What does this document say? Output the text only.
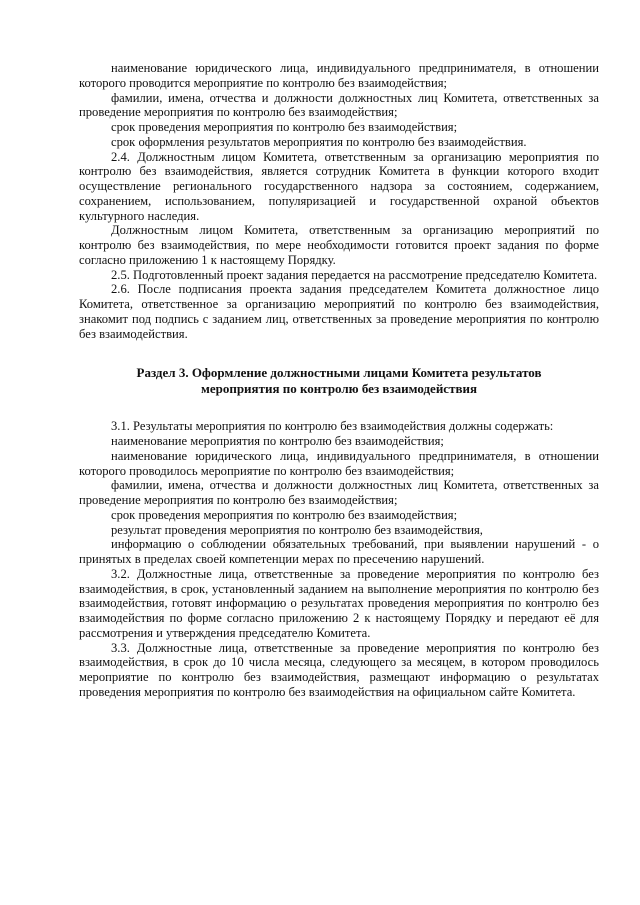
наименование юридического лица, индивидуального предпринимателя, в отношении которого проводится мероприятие по контролю без взаимодействия;

фамилии, имена, отчества и должности должностных лиц Комитета, ответственных за проведение мероприятия по контролю без взаимодействия;

срок проведения мероприятия по контролю без взаимодействия;

срок оформления результатов мероприятия по контролю без взаимодействия.

2.4. Должностным лицом Комитета, ответственным за организацию мероприятия по контролю без взаимодействия, является сотрудник Комитета в функции которого входит осуществление регионального государственного надзора за состоянием, содержанием, сохранением, использованием, популяризацией и государственной охраной объектов культурного наследия.

Должностным лицом Комитета, ответственным за организацию мероприятий по контролю без взаимодействия, по мере необходимости готовится проект задания по форме согласно приложению 1 к настоящему Порядку.

2.5. Подготовленный проект задания передается на рассмотрение председателю Комитета.

2.6. После подписания проекта задания председателем Комитета должностное лицо Комитета, ответственное за организацию мероприятий по контролю без взаимодействия, знакомит под подпись с заданием лиц, ответственных за проведение мероприятия по контролю без взаимодействия.

Раздел 3. Оформление должностными лицами Комитета результатов мероприятия по контролю без взаимодействия

3.1. Результаты мероприятия по контролю без взаимодействия должны содержать:

наименование мероприятия по контролю без взаимодействия;

наименование юридического лица, индивидуального предпринимателя, в отношении которого проводилось мероприятие по контролю без взаимодействия;

фамилии, имена, отчества и должности должностных лиц Комитета, ответственных за проведение мероприятия по контролю без взаимодействия;

срок проведения мероприятия по контролю без взаимодействия;

результат проведения мероприятия по контролю без взаимодействия,

информацию о соблюдении обязательных требований, при выявлении нарушений - о принятых в пределах своей компетенции мерах по пресечению нарушений.

3.2. Должностные лица, ответственные за проведение мероприятия по контролю без взаимодействия, в срок, установленный заданием на выполнение мероприятия по контролю без взаимодействия, готовят информацию о результатах проведения мероприятия по контролю без взаимодействия по форме согласно приложению 2 к настоящему Порядку и передают её для рассмотрения и утверждения председателю Комитета.

3.3. Должностные лица, ответственные за проведение мероприятия по контролю без взаимодействия, в срок до 10 числа месяца, следующего за месяцем, в котором проводилось мероприятие по контролю без взаимодействия, размещают информацию о результатах проведения мероприятия по контролю без взаимодействия на официальном сайте Комитета.
